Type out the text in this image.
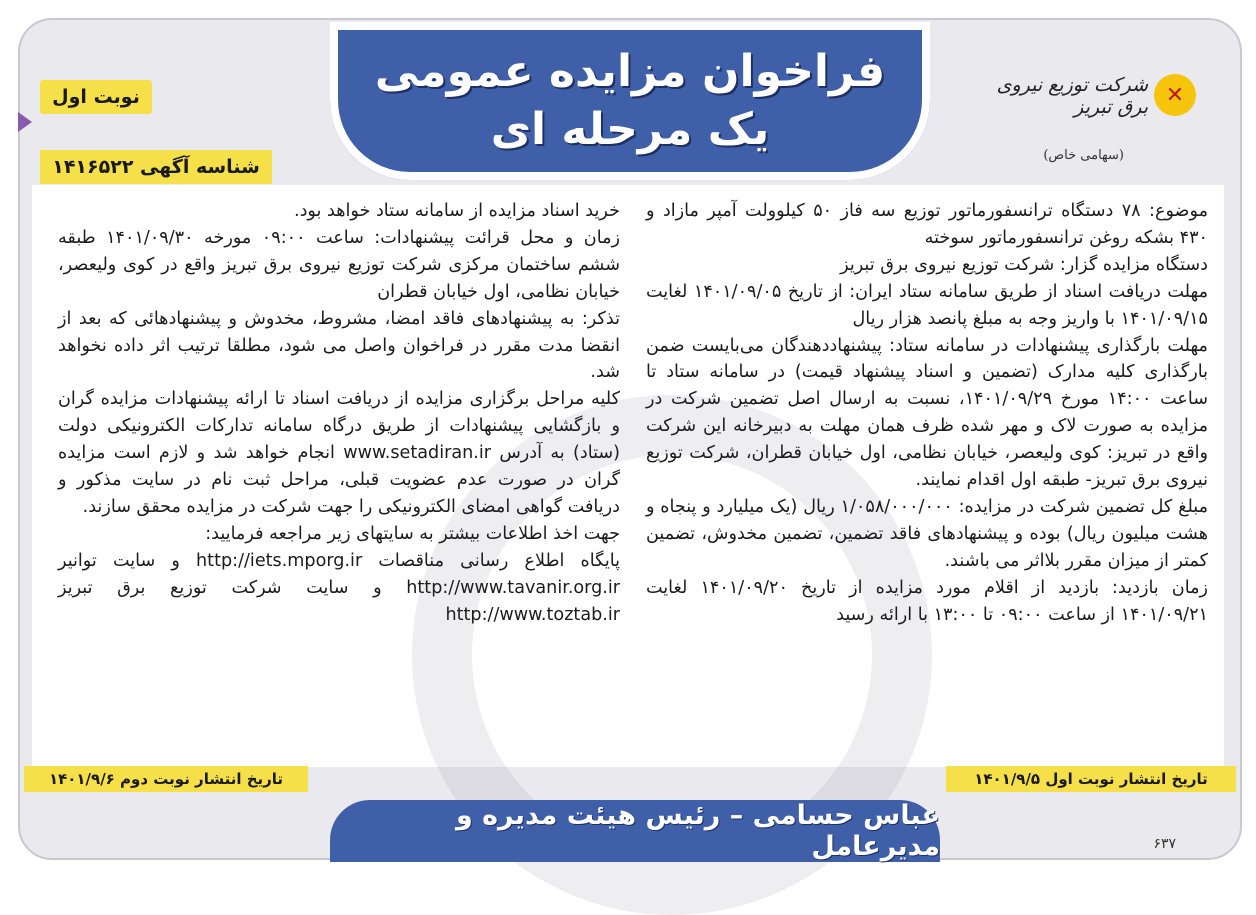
فراخوان مزایده عمومی
یک مرحله ای
نوبت اول
شناسه آگهی ۱۴۱۶۵۲۲
✕
شرکت توزیع نیروی برق تبریز
(سهامی خاص)

موضوع: ۷۸ دستگاه ترانسفورماتور توزیع سه فاز ۵۰ کیلوولت آمپر مازاد و ۴۳۰ بشکه روغن ترانسفورماتور سوخته

دستگاه مزایده گزار: شرکت توزیع نیروی برق تبریز

مهلت دریافت اسناد از طریق سامانه ستاد ایران: از تاریخ ۱۴۰۱/۰۹/۰۵ لغایت ۱۴۰۱/۰۹/۱۵ با واریز وجه به مبلغ پانصد هزار ریال

مهلت بارگذاری پیشنهادات در سامانه ستاد: پیشنهاددهندگان می‌بایست ضمن بارگذاری کلیه مدارک (تضمین و اسناد پیشنهاد قیمت) در سامانه ستاد تا ساعت ۱۴:۰۰ مورخ ۱۴۰۱/۰۹/۲۹، نسبت به ارسال اصل تضمین شرکت در مزایده به صورت لاک و مهر شده ظرف همان مهلت به دبیرخانه این شرکت واقع در تبریز: کوی ولیعصر، خیابان نظامی، اول خیابان قطران، شرکت توزیع نیروی برق تبریز- طبقه اول اقدام نمایند.

مبلغ کل تضمین شرکت در مزایده: ۱/۰۵۸/۰۰۰/۰۰۰ ریال (یک میلیارد و پنجاه و هشت میلیون ریال) بوده و پیشنهادهای فاقد تضمین، تضمین مخدوش، تضمین کمتر از میزان مقرر بلااثر می باشند.

زمان بازدید: بازدید از اقلام مورد مزایده از تاریخ ۱۴۰۱/۰۹/۲۰ لغایت ۱۴۰۱/۰۹/۲۱ از ساعت ۰۹:۰۰ تا ۱۳:۰۰ با ارائه رسید

خرید اسناد مزایده از سامانه ستاد خواهد بود.

زمان و محل قرائت پیشنهادات: ساعت ۰۹:۰۰ مورخه ۱۴۰۱/۰۹/۳۰ طبقه ششم ساختمان مرکزی شرکت توزیع نیروی برق تبریز واقع در کوی ولیعصر، خیابان نظامی، اول خیابان قطران

تذکر: به پیشنهادهای فاقد امضا، مشروط، مخدوش و پیشنهادهائی که بعد از انقضا مدت مقرر در فراخوان واصل می شود، مطلقا ترتیب اثر داده نخواهد شد.

کلیه مراحل برگزاری مزایده از دریافت اسناد تا ارائه پیشنهادات مزایده گران و بازگشایی پیشنهادات از طریق درگاه سامانه تدارکات الکترونیکی دولت (ستاد) به آدرس www.setadiran.ir انجام خواهد شد و لازم است مزایده گران در صورت عدم عضویت قبلی، مراحل ثبت نام در سایت مذکور و دریافت گواهی امضای الکترونیکی را جهت شرکت در مزایده محقق سازند.

جهت اخذ اطلاعات بیشتر به سایتهای زیر مراجعه فرمایید:

پایگاه اطلاع رسانی مناقصات http://iets.mporg.ir و سایت توانیر http://www.tavanir.org.ir و سایت شرکت توزیع برق تبریز http://www.toztab.ir

تاریخ انتشار نوبت اول ۱۴۰۱/۹/۵
تاریخ انتشار نوبت دوم ۱۴۰۱/۹/۶
عباس حسامی – رئیس هیئت مدیره و مدیرعامل	۶۳۷
